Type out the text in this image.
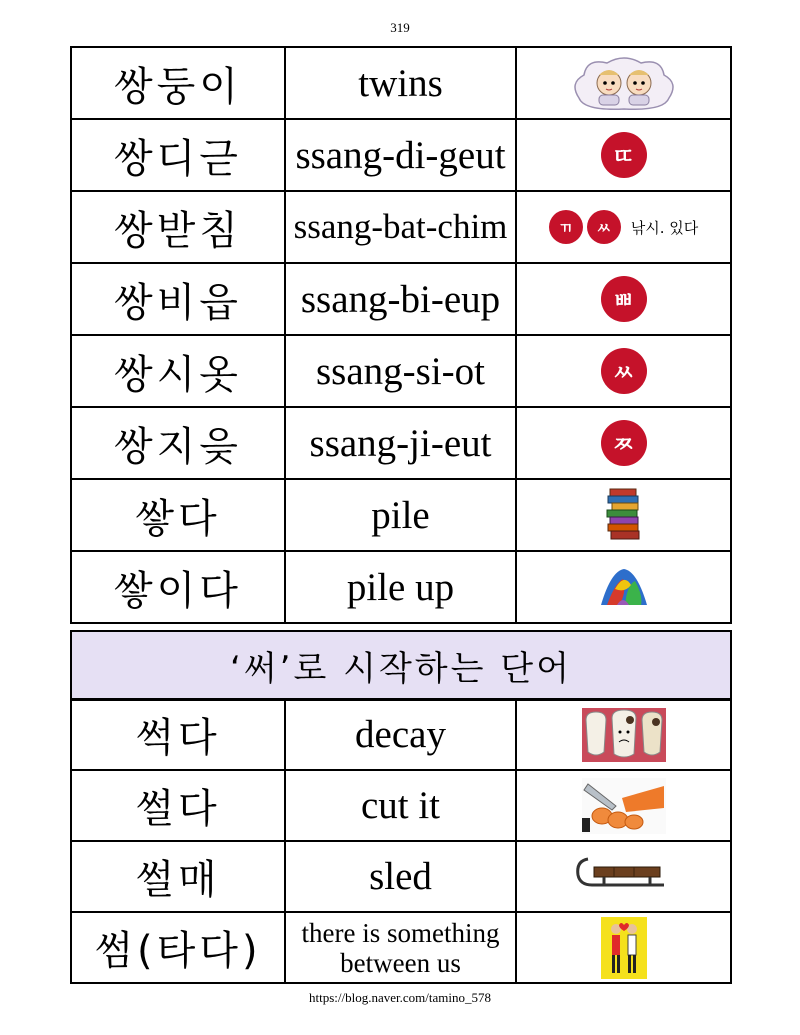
319
쌍둥이	twins	

쌍디귿	ssang-di-geut	ㄸ
쌍받침	ssang-bat-chim	ㄲ ㅆ 낚시. 있다

쌍비읍	ssang-bi-eup	ㅃ
쌍시옷	ssang-si-ot	ㅆ
쌍지읒	ssang-ji-eut	ㅉ
쌓다	pile	

쌓이다	pile up	
‘써’로 시작하는 단어
썩다	decay	

썰다	cut it	

썰매	sled	

썸(타다)	there is something
between us

https://blog.naver.com/tamino_578
